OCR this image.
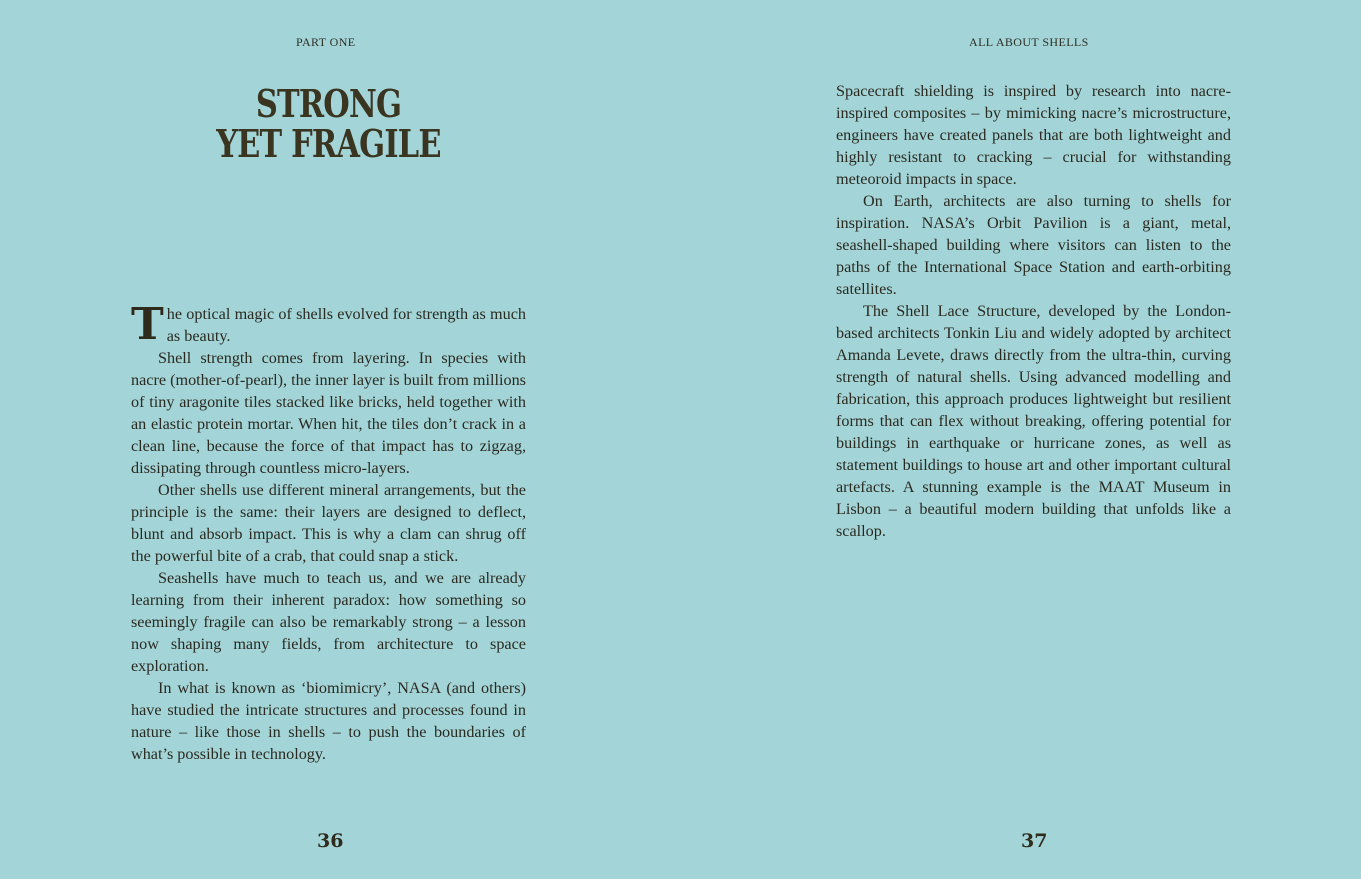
PART ONE	ALL ABOUT SHELLS
STRONG
YET FRAGILE

The optical magic of shells evolved for strength as much as beauty.

Shell strength comes from layering. In species with nacre (mother-of-pearl), the inner layer is built from millions of tiny aragonite tiles stacked like bricks, held together with an elastic protein mortar. When hit, the tiles don’t crack in a clean line, because the force of that impact has to zigzag, dissipating through countless micro-layers.

Other shells use different mineral arrangements, but the principle is the same: their layers are designed to deflect, blunt and absorb impact. This is why a clam can shrug off the powerful bite of a crab, that could snap a stick.

Seashells have much to teach us, and we are already learning from their inherent paradox: how something so seemingly fragile can also be remarkably strong – a lesson now shaping many fields, from architecture to space exploration.

In what is known as ‘biomimicry’, NASA (and others) have studied the intricate structures and processes found in nature – like those in shells – to push the boundaries of what’s possible in technology.

Spacecraft shielding is inspired by research into nacre-inspired composites – by mimicking nacre’s microstructure, engineers have created panels that are both lightweight and highly resistant to cracking – crucial for withstanding meteoroid impacts in space.

On Earth, architects are also turning to shells for inspiration. NASA’s Orbit Pavilion is a giant, metal, seashell-shaped building where visitors can listen to the paths of the International Space Station and earth-orbiting satellites.

The Shell Lace Structure, developed by the London-based architects Tonkin Liu and widely adopted by architect Amanda Levete, draws directly from the ultra-thin, curving strength of natural shells. Using advanced modelling and fabrication, this approach produces lightweight but resilient forms that can flex without breaking, offering potential for buildings in earthquake or hurricane zones, as well as statement buildings to house art and other important cultural artefacts. A stunning example is the MAAT Museum in Lisbon – a beautiful modern building that unfolds like a scallop.

36	37
